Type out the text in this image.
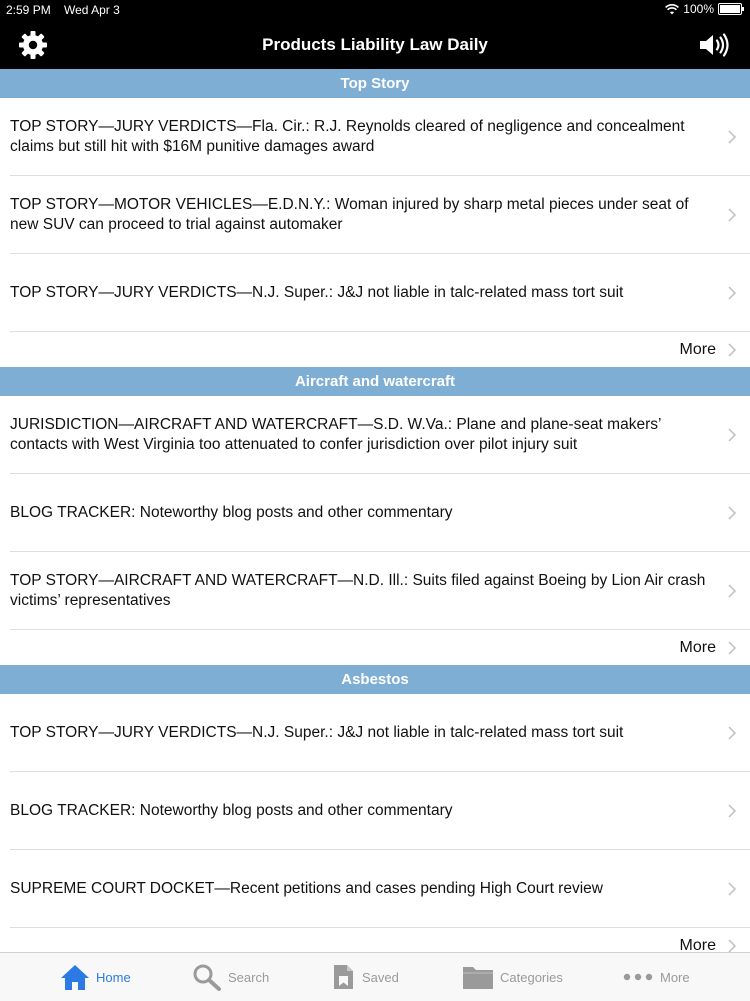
2:59 PM Wed Apr 3	100%
Products Liability Law Daily
Top Story
TOP STORY—JURY VERDICTS—Fla. Cir.: R.J. Reynolds cleared of negligence and concealment claims but still hit with $16M punitive damages award
TOP STORY—MOTOR VEHICLES—E.D.N.Y.: Woman injured by sharp metal pieces under seat of new SUV can proceed to trial against automaker
TOP STORY—JURY VERDICTS—N.J. Super.: J&J not liable in talc-related mass tort suit
More
Aircraft and watercraft
JURISDICTION—AIRCRAFT AND WATERCRAFT—S.D. W.Va.: Plane and plane-seat makers’ contacts with West Virginia too attenuated to confer jurisdiction over pilot injury suit
BLOG TRACKER: Noteworthy blog posts and other commentary
TOP STORY—AIRCRAFT AND WATERCRAFT—N.D. Ill.: Suits filed against Boeing by Lion Air crash victims’ representatives
More
Asbestos
TOP STORY—JURY VERDICTS—N.J. Super.: J&J not liable in talc-related mass tort suit
BLOG TRACKER: Noteworthy blog posts and other commentary
SUPREME COURT DOCKET—Recent petitions and cases pending High Court review
More
Home	Search	Saved	Categories	More
